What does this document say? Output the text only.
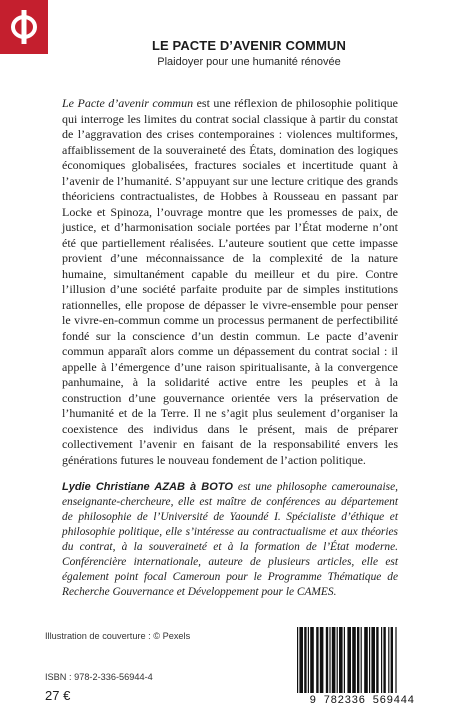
LE PACTE D’AVENIR COMMUN
Plaidoyer pour une humanité rénovée

Le Pacte d’avenir commun est une réflexion de philosophie politique qui interroge les limites du contrat social classique à partir du constat de l’aggravation des crises contemporaines : violences multiformes, affaiblissement de la souveraineté des États, domination des logiques économiques globalisées, fractures sociales et incertitude quant à l’avenir de l’humanité. S’appuyant sur une lecture critique des grands théoriciens contractualistes, de Hobbes à Rousseau en passant par Locke et Spinoza, l’ouvrage montre que les promesses de paix, de justice, et d’harmonisation sociale portées par l’État moderne n’ont été que partiellement réalisées. L’auteure soutient que cette impasse provient d’une méconnaissance de la complexité de la nature humaine, simultanément capable du meilleur et du pire. Contre l’illusion d’une société parfaite produite par de simples institutions rationnelles, elle propose de dépasser le vivre-ensemble pour penser le vivre-en-commun comme un processus permanent de perfectibilité fondé sur la conscience d’un destin commun. Le pacte d’avenir commun apparaît alors comme un dépassement du contrat social : il appelle à l’émergence d’une raison spiritualisante, à la convergence panhumaine, à la solidarité active entre les peuples et à la construction d’une gouvernance orientée vers la préservation de l’humanité et de la Terre. Il ne s’agit plus seulement d’organiser la coexistence des individus dans le présent, mais de préparer collectivement l’avenir en faisant de la responsabilité envers les générations futures le nouveau fondement de l’action politique.

Lydie Christiane AZAB à BOTO est une philosophe camerounaise, enseignante-chercheure, elle est maître de conférences au département de philosophie de l’Université de Yaoundé I. Spécialiste d’éthique et philosophie politique, elle s’intéresse au contractualisme et aux théories du contrat, à la souveraineté et à la formation de l’État moderne. Conférencière internationale, auteure de plusieurs articles, elle est également point focal Cameroun pour le Programme Thématique de Recherche Gouvernance et Développement pour le CAMES.
Illustration de couverture : © Pexels
ISBN : 978-2-336-56944-4
27 €	9 782336 569444
